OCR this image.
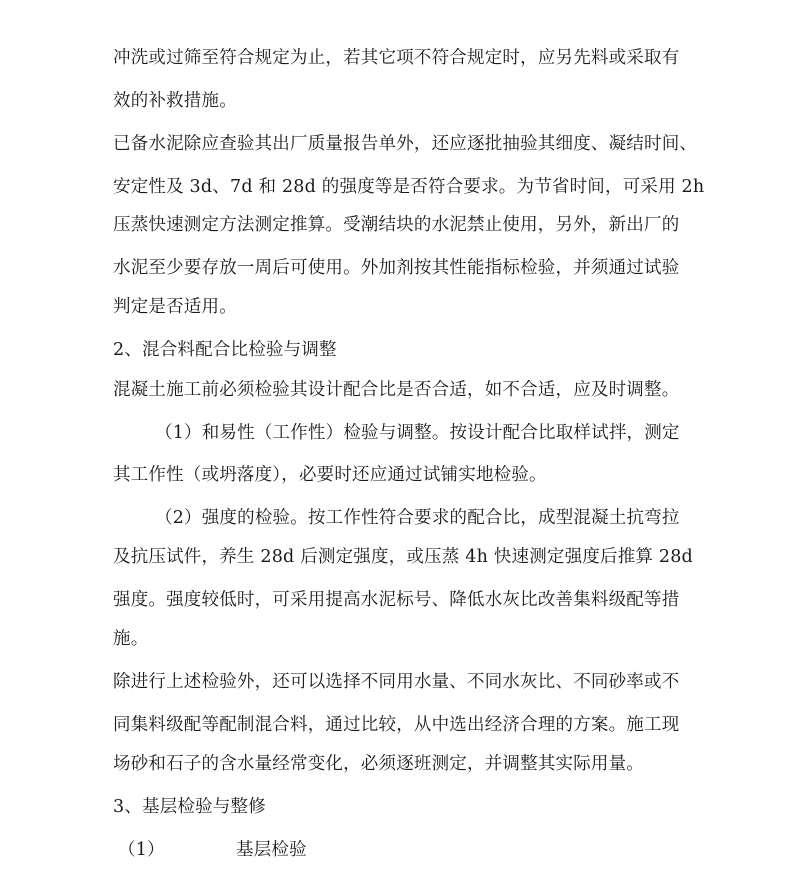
冲洗或过筛至符合规定为止，若其它项不符合规定时，应另先料或采取有
效的补救措施。
已备水泥除应查验其出厂质量报告单外，还应逐批抽验其细度、凝结时间、
安定性及 3d、7d 和 28d 的强度等是否符合要求。为节省时间，可采用 2h
压蒸快速测定方法测定推算。受潮结块的水泥禁止使用，另外，新出厂的
水泥至少要存放一周后可使用。外加剂按其性能指标检验，并须通过试验
判定是否适用。
2、混合料配合比检验与调整
混凝土施工前必须检验其设计配合比是否合适，如不合适，应及时调整。
（1）和易性（工作性）检验与调整。按设计配合比取样试拌，测定
其工作性（或坍落度），必要时还应通过试铺实地检验。
（2）强度的检验。按工作性符合要求的配合比，成型混凝土抗弯拉
及抗压试件，养生 28d 后测定强度，或压蒸 4h 快速测定强度后推算 28d
强度。强度较低时，可采用提高水泥标号、降低水灰比改善集料级配等措
施。
除进行上述检验外，还可以选择不同用水量、不同水灰比、不同砂率或不
同集料级配等配制混合料，通过比较，从中选出经济合理的方案。施工现
场砂和石子的含水量经常变化，必须逐班测定，并调整其实际用量。
3、基层检验与整修
（1）	基层检验
